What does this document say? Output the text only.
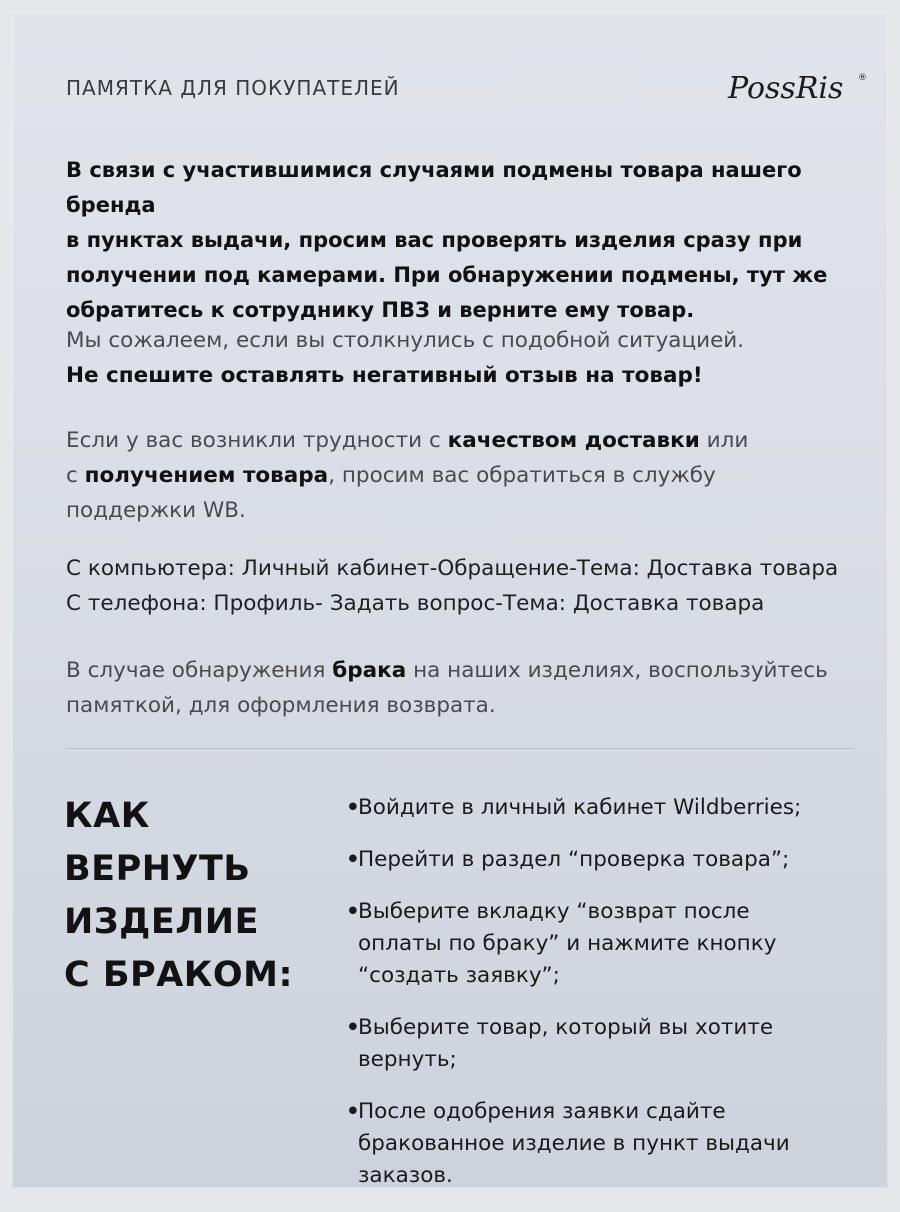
ПАМЯТКА ДЛЯ ПОКУПАТЕЛЕЙ	PossRis ®

В связи с участившимися случаями подмены товара нашего бренда
в пунктах выдачи, просим вас проверять изделия сразу при
получении под камерами. При обнаружении подмены, тут же
обратитесь к сотруднику ПВЗ и верните ему товар.

Мы сожалеем, если вы столкнулись с подобной ситуацией.
Не спешите оставлять негативный отзыв на товар!

Если у вас возникли трудности с качеством доставки или
с получением товара, просим вас обратиться в службу
поддержки WB.

С компьютера: Личный кабинет-Обращение-Тема: Доставка товара
С телефона: Профиль- Задать вопрос-Тема: Доставка товара

В случае обнаружения брака на наших изделиях, воспользуйтесь
памяткой, для оформления возврата.

КАК ВЕРНУТЬ
ИЗДЕЛИЕ
С БРАКОМ:
•
Войдите в личный кабинет Wildberries;
•
Перейти в раздел “проверка товара”;
•
Выберите вкладку “возврат после
оплаты по браку” и нажмите кнопку
“создать заявку”;
•
Выберите товар, который вы хотите
вернуть;
•
После одобрения заявки сдайте
бракованное изделие в пункт выдачи
заказов.
